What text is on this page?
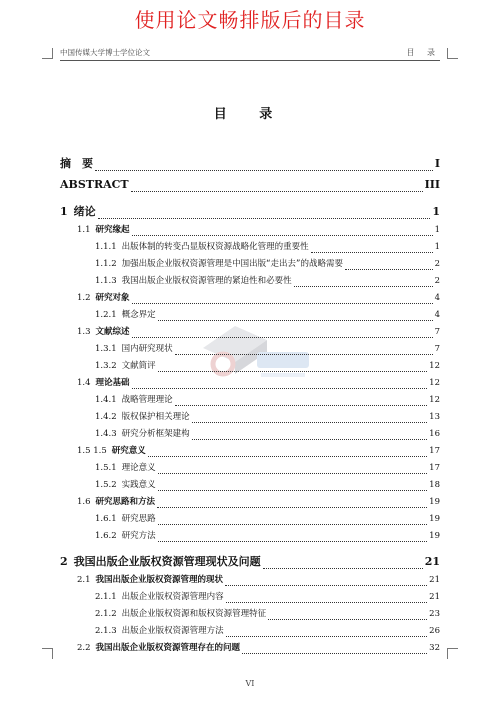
使用论文畅排版后的目录
中国传媒大学博士学位论文	目 录
目 录
摘　要	I
ABSTRACT	III
1 绪论	1
1.1 研究缘起	1
1.1.1 出版体制的转变凸显版权资源战略化管理的重要性	1
1.1.2 加强出版企业版权资源管理是中国出版“走出去”的战略需要	2
1.1.3 我国出版企业版权资源管理的紧迫性和必要性	2
1.2 研究对象	4
1.2.1 概念界定	4
1.3 文献综述	7
1.3.1 国内研究现状	7
1.3.2 文献简评	12
1.4 理论基础	12
1.4.1 战略管理理论	12
1.4.2 版权保护相关理论	13
1.4.3 研究分析框架建构	16
1.5 1.5 研究意义	17
1.5.1 理论意义	17
1.5.2 实践意义	18
1.6 研究思路和方法	19
1.6.1 研究思路	19
1.6.2 研究方法	19
2 我国出版企业版权资源管理现状及问题	21
2.1 我国出版企业版权资源管理的现状	21
2.1.1 出版企业版权资源管理内容	21
2.1.2 出版企业版权资源和版权资源管理特征	23
2.1.3 出版企业版权资源管理方法	26
2.2 我国出版企业版权资源管理存在的问题	32
VI
